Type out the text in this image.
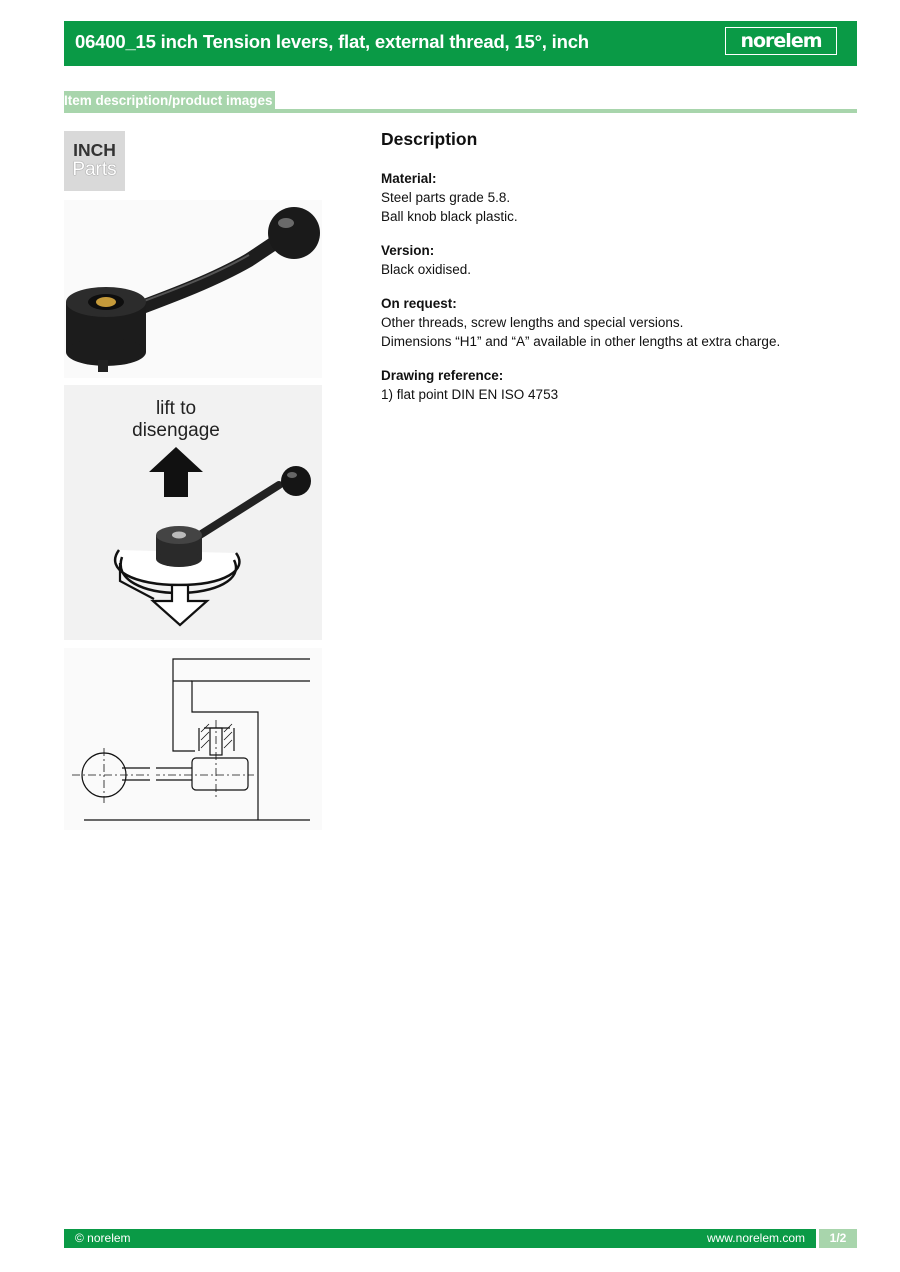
06400_15 inch Tension levers, flat, external thread, 15°, inch	norelem
Item description/product images
INCH
Parts
lift to
disengage
Description
Material:
Steel parts grade 5.8.
Ball knob black plastic.
Version:
Black oxidised.
On request:
Other threads, screw lengths and special versions.
Dimensions “H1” and “A” available in other lengths at extra charge.
Drawing reference:
1) flat point DIN EN ISO 4753
© norelem	www.norelem.com	1/2
